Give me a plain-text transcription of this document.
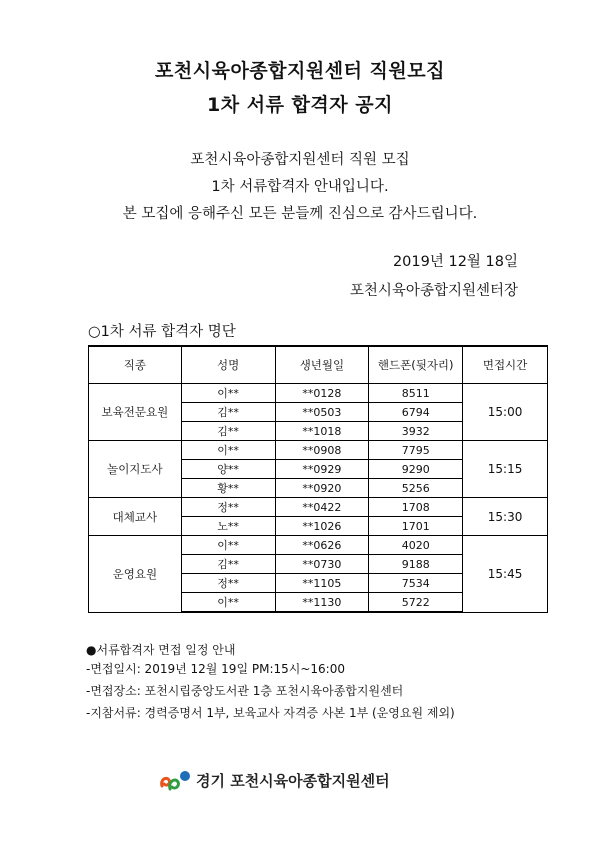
포천시육아종합지원센터 직원모집
1차 서류 합격자 공지
포천시육아종합지원센터 직원 모집
1차 서류합격자 안내입니다.
본 모집에 응해주신 모든 분들께 진심으로 감사드립니다.
2019년 12월 18일
포천시육아종합지원센터장
○1차 서류 합격자 명단
직종	성명	생년월일	핸드폰(뒷자리)	면접시간
보육전문요원	이**	**0128	8511	15:00
	김**	**0503	6794	
	김**	**1018	3932	
놀이지도사	이**	**0908	7795	15:15
	양**	**0929	9290	
	황**	**0920	5256	
대체교사	정**	**0422	1708	15:30
	노**	**1026	1701	
운영요원	이**	**0626	4020	15:45
	김**	**0730	9188	
	정**	**1105	7534	
	이**	**1130	5722	
●서류합격자 면접 일정 안내
-면접일시: 2019년 12월 19일 PM:15시~16:00
-면접장소: 포천시립중앙도서관 1층 포천시육아종합지원센터
-지참서류: 경력증명서 1부, 보육교사 자격증 사본 1부 (운영요원 제외)
경기 포천시육아종합지원센터
